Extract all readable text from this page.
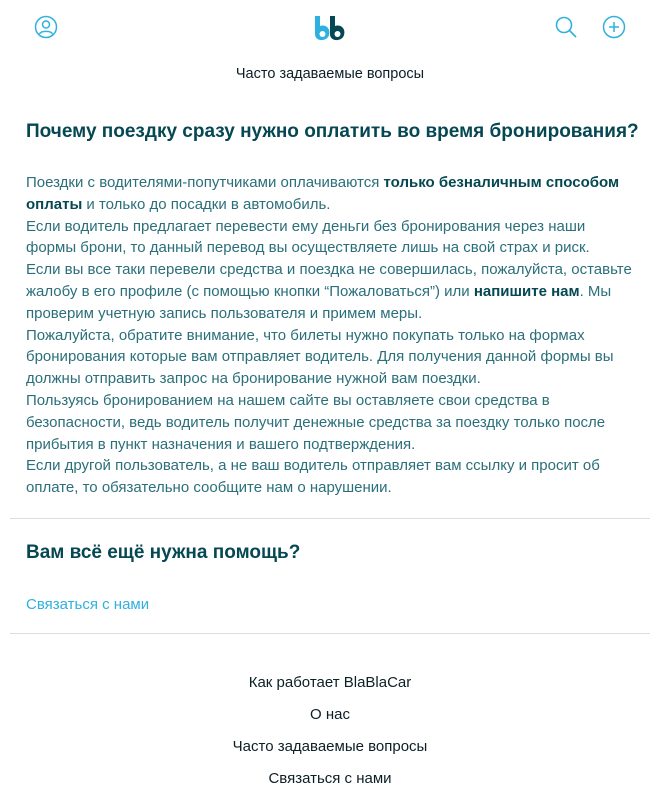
Часто задаваемые вопросы
Почему поездку сразу нужно оплатить во время бронирования?

Поездки с водителями-попутчиками оплачиваются только безналичным способом оплаты и только до посадки в автомобиль.

Если водитель предлагает перевести ему деньги без бронирования через наши формы брони, то данный перевод вы осуществляете лишь на свой страх и риск.

Если вы все таки перевели средства и поездка не совершилась, пожалуйста, оставьте жалобу в его профиле (с помощью кнопки “Пожаловаться”) или напишите нам. Мы проверим учетную запись пользователя и примем меры.

Пожалуйста, обратите внимание, что билеты нужно покупать только на формах бронирования которые вам отправляет водитель. Для получения данной формы вы должны отправить запрос на бронирование нужной вам поездки.

Пользуясь бронированием на нашем сайте вы оставляете свои средства в безопасности, ведь водитель получит денежные средства за поездку только после прибытия в пункт назначения и вашего подтверждения.

Если другой пользователь, а не ваш водитель отправляет вам ссылку и просит об оплате, то обязательно сообщите нам о нарушении.

Вам всё ещё нужна помощь?
Связаться с нами
Как работает BlaBlaCar
О нас
Часто задаваемые вопросы
Связаться с нами
